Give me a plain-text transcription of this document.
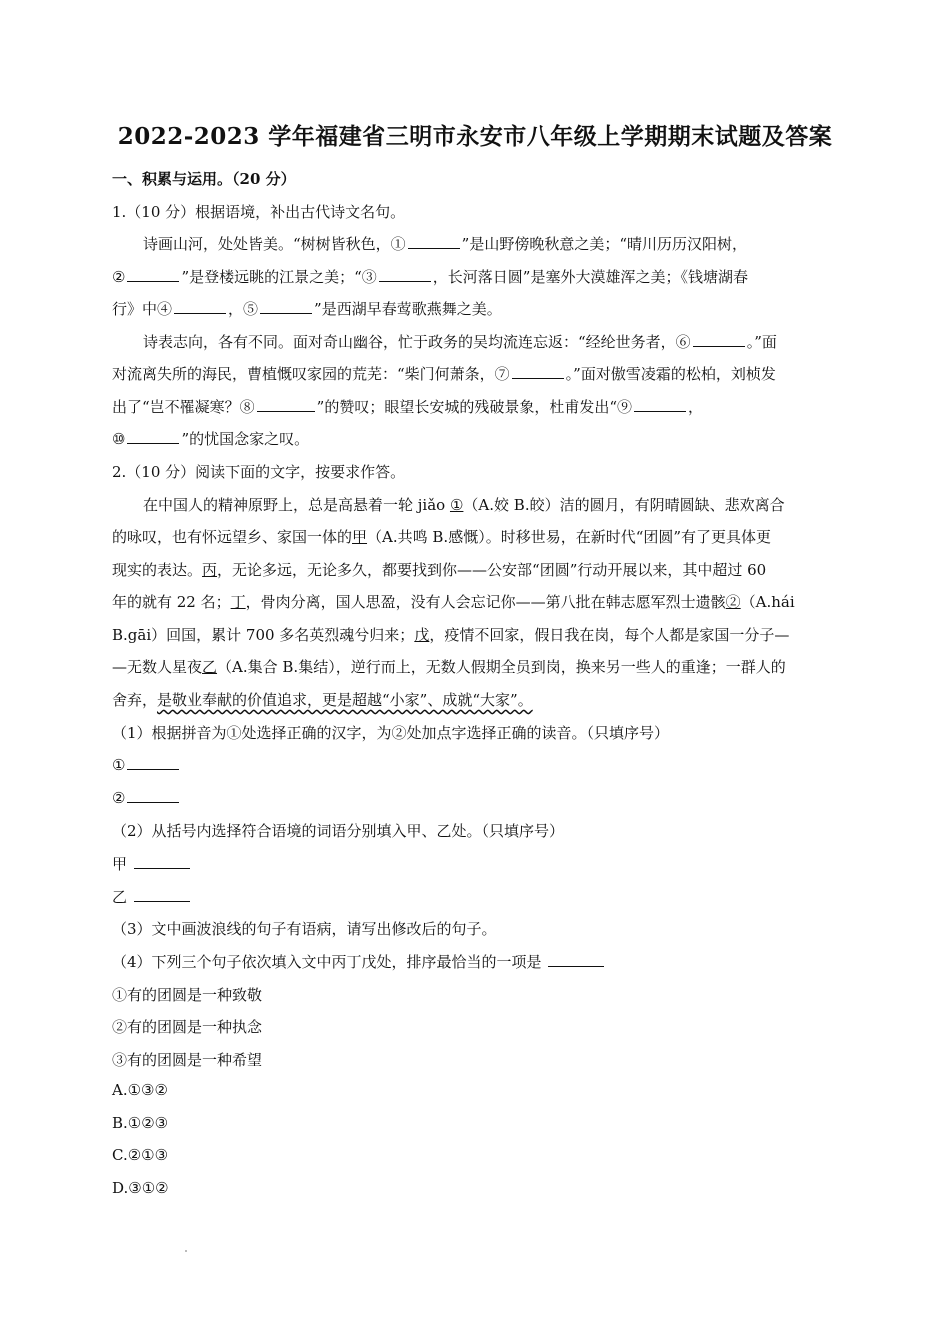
2022-2023 学年福建省三明市永安市八年级上学期期末试题及答案
一、积累与运用。（20 分）
1.（10 分）根据语境，补出古代诗文名句。
诗画山河，处处皆美。“树树皆秋色，①	”是山野傍晚秋意之美；“晴川历历汉阳树，
②	”是登楼远眺的江景之美；“③	，长河落日圆”是塞外大漠雄浑之美；《钱塘湖春
行》中④	，⑤	”是西湖早春莺歌燕舞之美。
诗表志向，各有不同。面对奇山幽谷，忙于政务的吴均流连忘返：“经纶世务者，⑥	。”面
对流离失所的海民，曹植慨叹家园的荒芜：“柴门何萧条，⑦	。”面对傲雪凌霜的松柏，刘桢发
出了“岂不罹凝寒？⑧	”的赞叹；眼望长安城的残破景象，杜甫发出“⑨	，
⑩	”的忧国念家之叹。
2.（10 分）阅读下面的文字，按要求作答。
在中国人的精神原野上，总是高悬着一轮 jiǎo ①（A.姣 B.皎）洁的圆月，有阴晴圆缺、悲欢离合
的咏叹，也有怀远望乡、家国一体的甲（A.共鸣 B.感慨）。时移世易，在新时代“团圆”有了更具体更
现实的表达。丙，无论多远，无论多久，都要找到你——公安部“团圆”行动开展以来，其中超过 60
年的就有 22 名；丁，骨肉分离，国人思盈，没有人会忘记你——第八批在韩志愿军烈士遗骸②（A.hái
B.gāi）回国，累计 700 多名英烈魂兮归来；戊，疫情不回家，假日我在岗，每个人都是家国一分子—
—无数人星夜乙（A.集合 B.集结），逆行而上，无数人假期全员到岗，换来另一些人的重逢；一群人的
舍弃，是敬业奉献的价值追求，更是超越“小家”、成就“大家”。
（1）根据拼音为①处选择正确的汉字，为②处加点字选择正确的读音。（只填序号）
①
②
（2）从括号内选择符合语境的词语分别填入甲、乙处。（只填序号）
甲
乙
（3）文中画波浪线的句子有语病，请写出修改后的句子。
（4）下列三个句子依次填入文中丙丁戊处，排序最恰当的一项是
①有的团圆是一种致敬
②有的团圆是一种执念
③有的团圆是一种希望
A.①③②
B.①②③
C.②①③
D.③①②
